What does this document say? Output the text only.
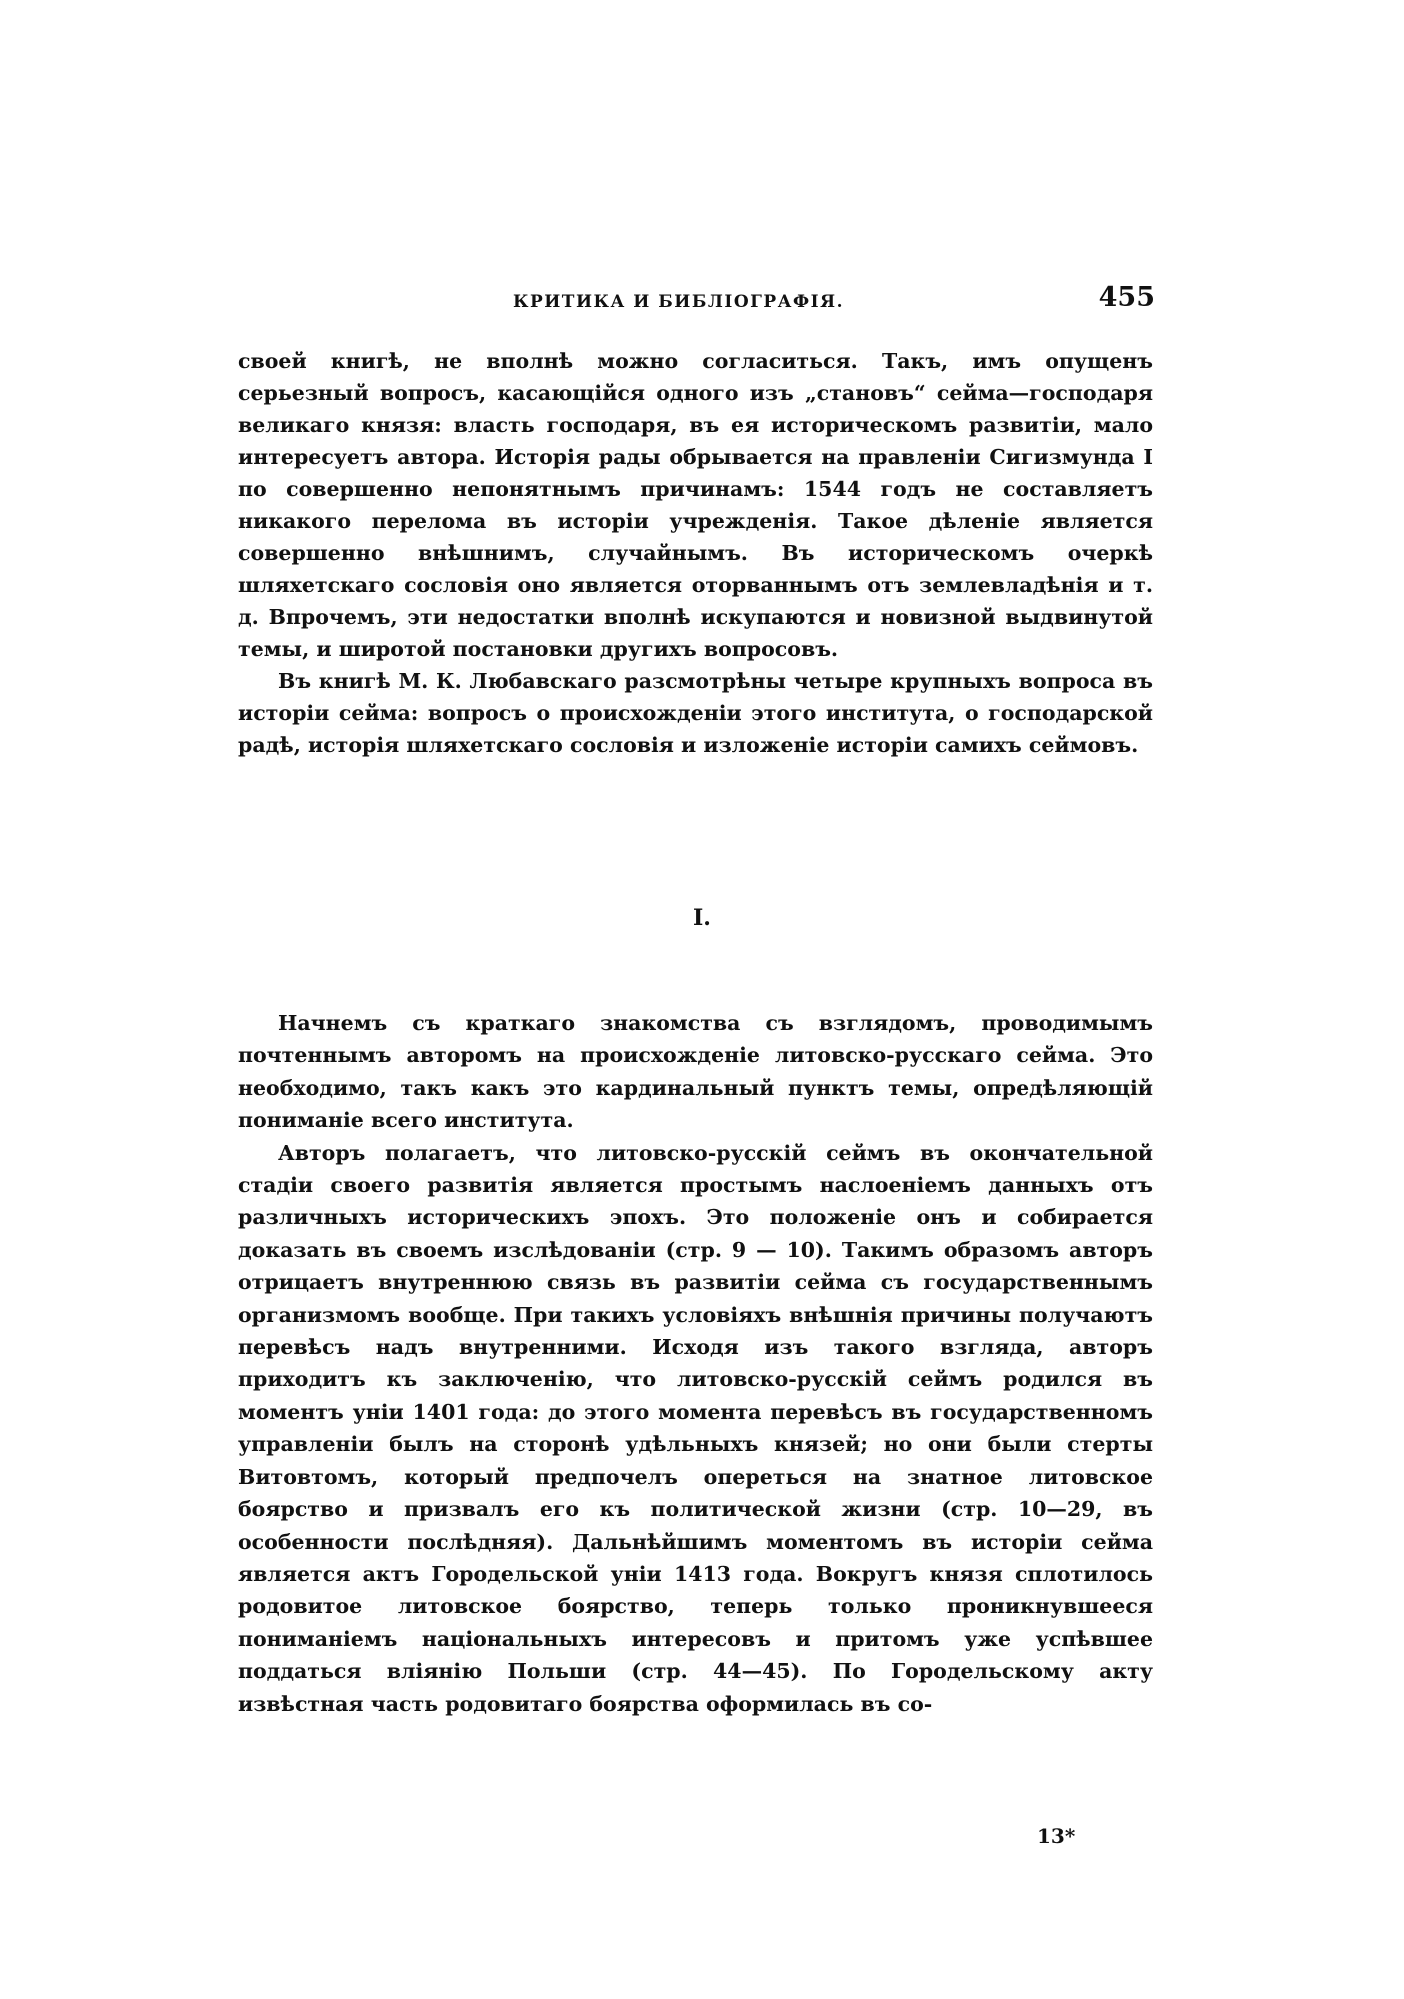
КРИТИКА И БИБЛІОГРАФІЯ.	455

своей книгѣ, не вполнѣ можно согласиться. Такъ, имъ опущенъ серьезный вопросъ, касающійся одного изъ „становъ“ сейма—господаря великаго князя: власть господаря, въ ея историческомъ развитіи, мало интересуетъ автора. Исторія рады обрывается на правленіи Сигизмунда I по совершенно непонятнымъ причинамъ: 1544 годъ не составляетъ никакого перелома въ исторіи учрежденія. Такое дѣленіе является совершенно внѣшнимъ, случайнымъ. Въ историческомъ очеркѣ шляхетскаго сословія оно является оторваннымъ отъ землевладѣнія и т. д. Впрочемъ, эти недостатки вполнѣ искупаются и новизной выдвинутой темы, и широтой постановки другихъ вопросовъ.

Въ книгѣ М. К. Любавскаго разсмотрѣны четыре крупныхъ вопроса въ исторіи сейма: вопросъ о происхожденіи этого института, о господарской радѣ, исторія шляхетскаго сословія и изложеніе исторіи самихъ сеймовъ.

I.

Начнемъ съ краткаго знакомства съ взглядомъ, проводимымъ почтеннымъ авторомъ на происхожденіе литовско-русскаго сейма. Это необходимо, такъ какъ это кардинальный пунктъ темы, опредѣляющій пониманіе всего института.

Авторъ полагаетъ, что литовско-русскій сеймъ въ окончательной стадіи своего развитія является простымъ наслоеніемъ данныхъ отъ различныхъ историческихъ эпохъ. Это положеніе онъ и собирается доказать въ своемъ изслѣдованіи (стр. 9 — 10). Такимъ образомъ авторъ отрицаетъ внутреннюю связь въ развитіи сейма съ государственнымъ организмомъ вообще. При такихъ условіяхъ внѣшнія причины получаютъ перевѣсъ надъ внутренними. Исходя изъ такого взгляда, авторъ приходитъ къ заключенію, что литовско-русскій сеймъ родился въ моментъ уніи 1401 года: до этого момента перевѣсъ въ государственномъ управленіи былъ на сторонѣ удѣльныхъ князей; но они были стерты Витовтомъ, который предпочелъ опереться на знатное литовское боярство и призвалъ его къ политической жизни (стр. 10—29, въ особенности послѣдняя). Дальнѣйшимъ моментомъ въ исторіи сейма является актъ Городельской уніи 1413 года. Вокругъ князя сплотилось родовитое литовское боярство, теперь только проникнувшееся пониманіемъ національныхъ интересовъ и притомъ уже успѣвшее поддаться вліянію Польши (стр. 44—45). По Городельскому акту извѣстная часть родовитаго боярства оформилась въ со-

13*
